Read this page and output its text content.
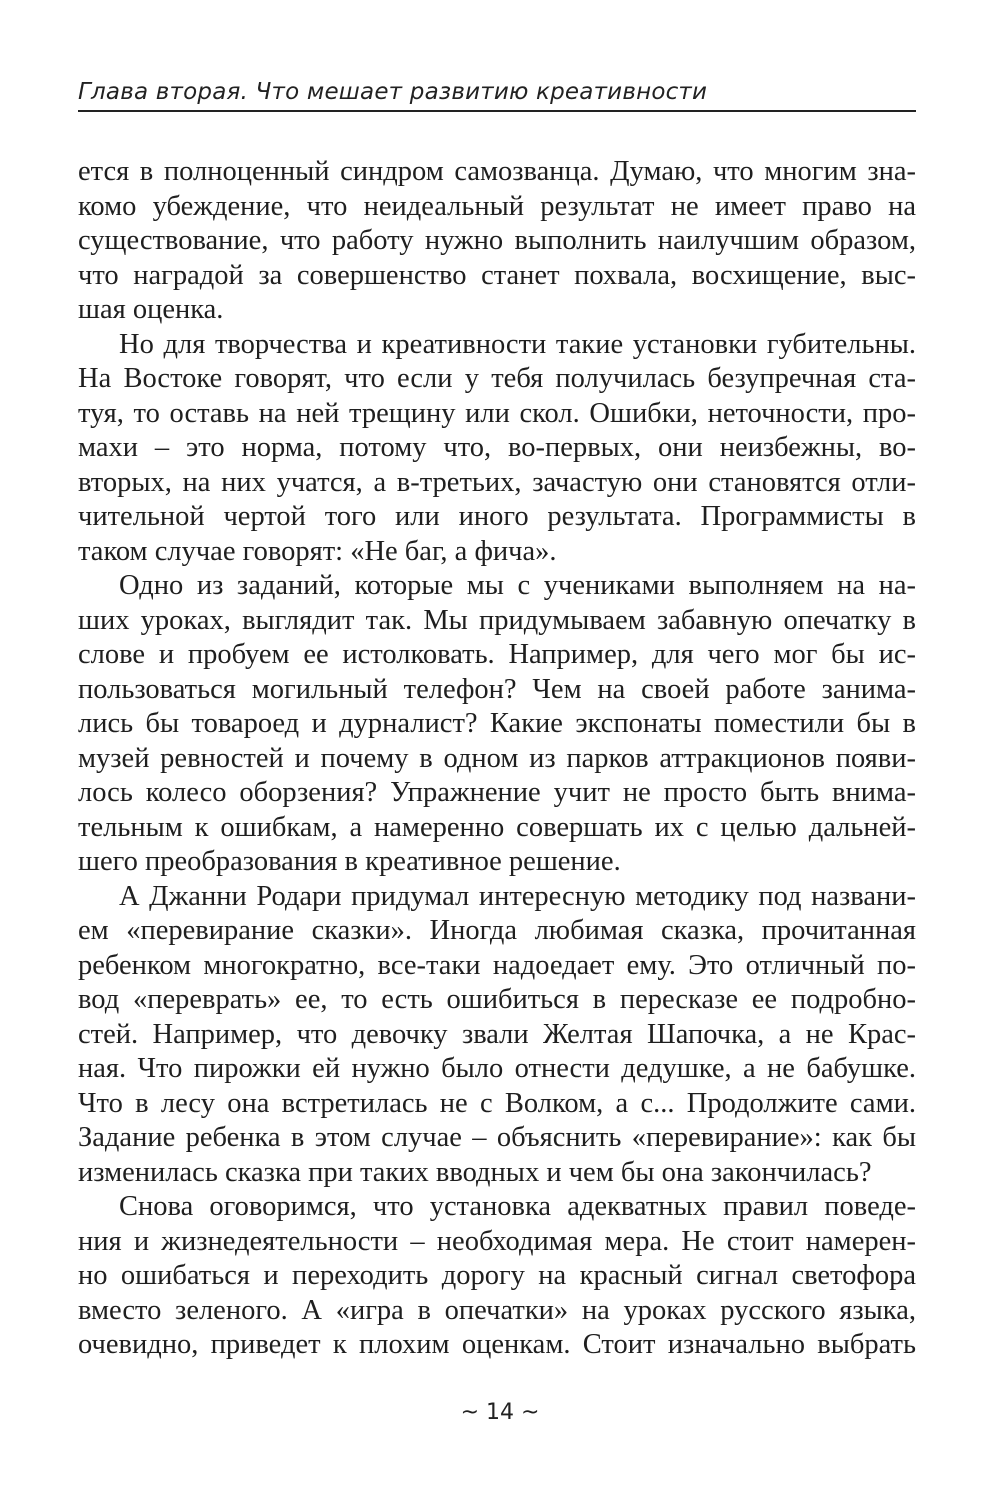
Глава вторая. Что мешает развитию креативности

ется в полноценный синдром самозванца. Думаю, что многим зна-
комо убеждение, что неидеальный результат не имеет право на
существование, что работу нужно выполнить наилучшим образом,
что наградой за совершенство станет похвала, восхищение, выс-
шая оценка.

Но для творчества и креативности такие установки губительны.
На Востоке говорят, что если у тебя получилась безупречная ста-
туя, то оставь на ней трещину или скол. Ошибки, неточности, про-
махи – это норма, потому что, во-первых, они неизбежны, во-
вторых, на них учатся, а в-третьих, зачастую они становятся отли-
чительной чертой того или иного результата. Программисты в
таком случае говорят: «Не баг, а фича».

Одно из заданий, которые мы с учениками выполняем на на-
ших уроках, выглядит так. Мы придумываем забавную опечатку в
слове и пробуем ее истолковать. Например, для чего мог бы ис-
пользоваться могильный телефон? Чем на своей работе занима-
лись бы товароед и дурналист? Какие экспонаты поместили бы в
музей ревностей и почему в одном из парков аттракционов появи-
лось колесо оборзения? Упражнение учит не просто быть внима-
тельным к ошибкам, а намеренно совершать их с целью дальней-
шего преобразования в креативное решение.

А Джанни Родари придумал интересную методику под названи-
ем «перевирание сказки». Иногда любимая сказка, прочитанная
ребенком многократно, все-таки надоедает ему. Это отличный по-
вод «переврать» ее, то есть ошибиться в пересказе ее подробно-
стей. Например, что девочку звали Желтая Шапочка, а не Крас-
ная. Что пирожки ей нужно было отнести дедушке, а не бабушке.
Что в лесу она встретилась не с Волком, а с... Продолжите сами.
Задание ребенка в этом случае – объяснить «перевирание»: как бы
изменилась сказка при таких вводных и чем бы она закончилась?

Снова оговоримся, что установка адекватных правил поведе-
ния и жизнедеятельности – необходимая мера. Не стоит намерен-
но ошибаться и переходить дорогу на красный сигнал светофора
вместо зеленого. А «игра в опечатки» на уроках русского языка,
очевидно, приведет к плохим оценкам. Стоит изначально выбрать

~ 14 ~
